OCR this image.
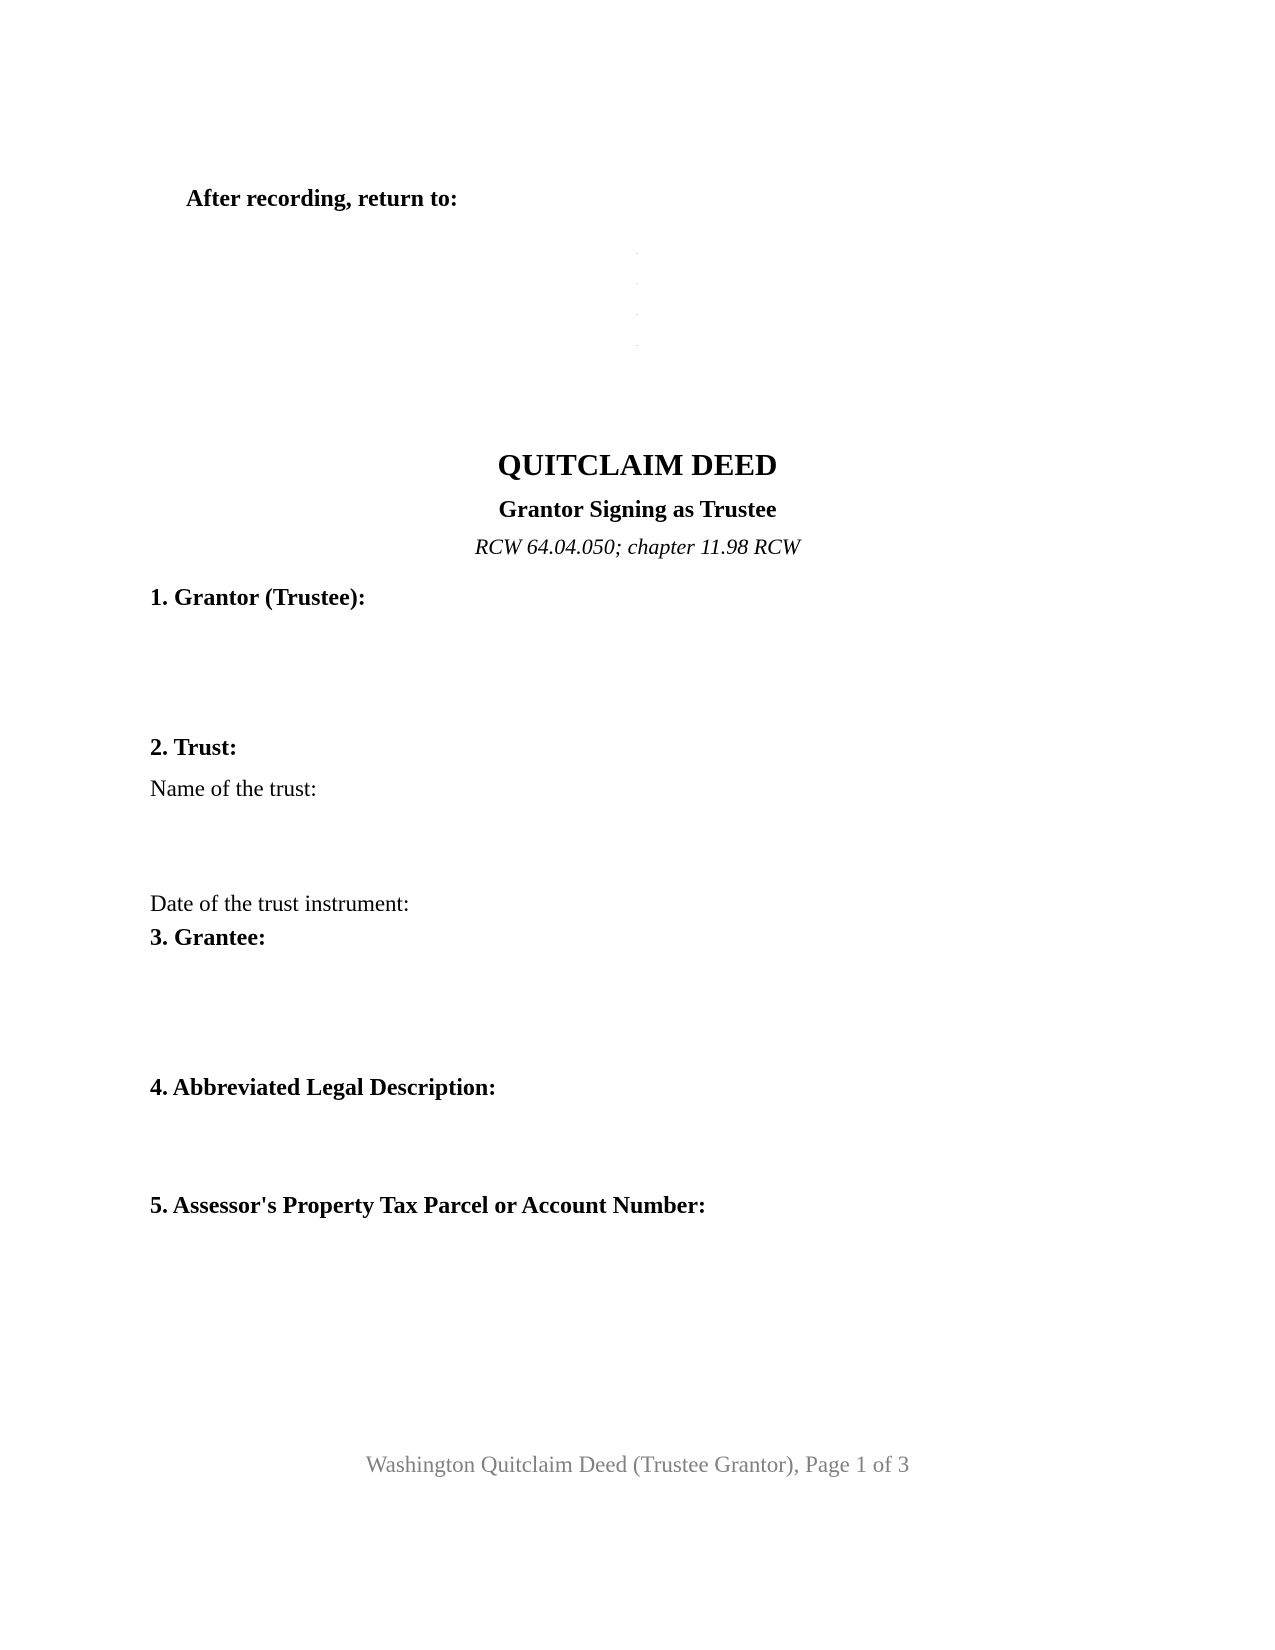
After recording, return to:

QUITCLAIM DEED
Grantor Signing as Trustee

RCW 64.04.050; chapter 11.98 RCW

1. Grantor (Trustee):

2. Trust:

Name of the trust:

Date of the trust instrument:

3. Grantee:

4. Abbreviated Legal Description:

5. Assessor's Property Tax Parcel or Account Number:

Washington Quitclaim Deed (Trustee Grantor), Page 1 of 3
